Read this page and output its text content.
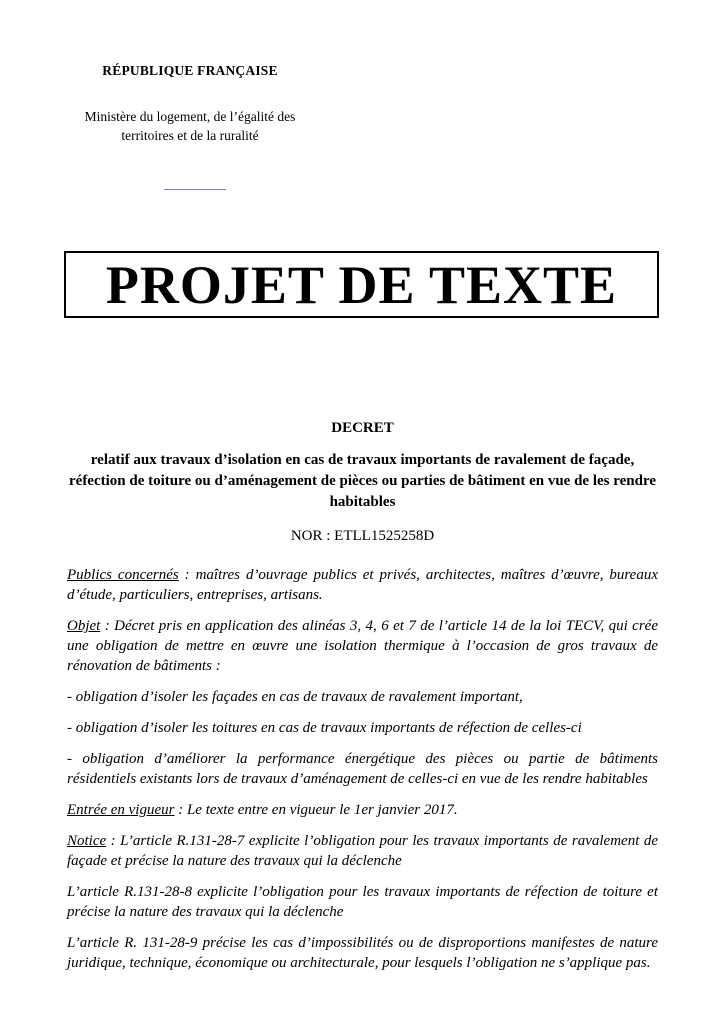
RÉPUBLIQUE FRANÇAISE
Ministère du logement, de l’égalité des
territoires et de la ruralité
PROJET DE TEXTE
DECRET
relatif aux travaux d’isolation en cas de travaux importants de ravalement de façade, réfection de toiture ou d’aménagement de pièces ou parties de bâtiment en vue de les rendre habitables
NOR : ETLL1525258D

Publics concernés : maîtres d’ouvrage publics et privés, architectes, maîtres d’œuvre, bureaux d’étude, particuliers, entreprises, artisans.

Objet : Décret pris en application des alinéas 3, 4, 6 et 7 de l’article 14 de la loi TECV, qui crée une obligation de mettre en œuvre une isolation thermique à l’occasion de gros travaux de rénovation de bâtiments :

- obligation d’isoler les façades en cas de travaux de ravalement important,

- obligation d’isoler les toitures en cas de travaux importants de réfection de celles-ci

- obligation d’améliorer la performance énergétique des pièces ou partie de bâtiments résidentiels existants lors de travaux d’aménagement de celles-ci en vue de les rendre habitables

Entrée en vigueur : Le texte entre en vigueur le 1er janvier 2017.

Notice : L’article R.131-28-7 explicite l’obligation pour les travaux importants de ravalement de façade et précise la nature des travaux qui la déclenche

L’article R.131-28-8 explicite l’obligation pour les travaux importants de réfection de toiture et précise la nature des travaux qui la déclenche

L’article R. 131-28-9 précise les cas d’impossibilités ou de disproportions manifestes de nature juridique, technique, économique ou architecturale, pour lesquels l’obligation ne s’applique pas.
